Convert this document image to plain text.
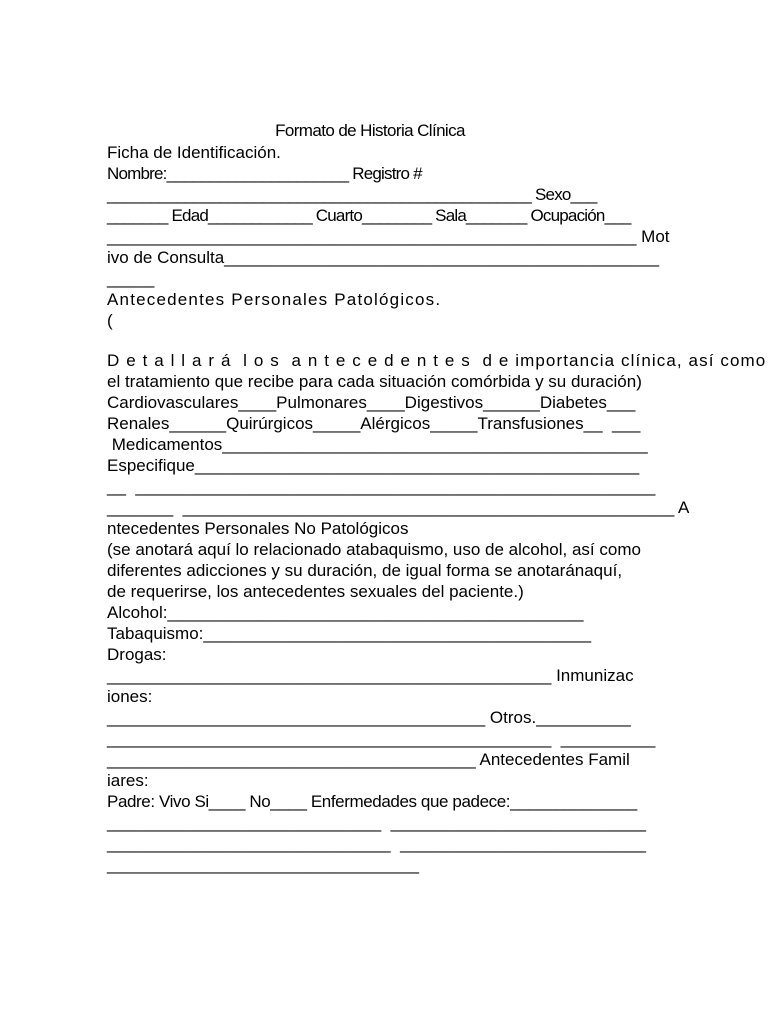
Formato de Historia Clínica
Ficha de Identificación.
Nombre:_____________________ Registro #
_________________________________________________ Sexo___
_______ Edad____________ Cuarto________ Sala_______ Ocupación___
________________________________________________________ Mot
ivo de Consulta______________________________________________
_____
Antecedentes Personales Patológicos.
(
D e t a l l a r á  l o s  a n t e c e d e n t e s  d e importancia clínica, así como
el tratamiento que recibe para cada situación comórbida y su duración)
Cardiovasculares____Pulmonares____Digestivos______Diabetes___
Renales______Quirúrgicos_____Alérgicos_____Transfusiones__  ___
Medicamentos_____________________________________________
Especifique_______________________________________________
__  _______________________________________________________
_______  ____________________________________________________ A
ntecedentes Personales No Patológicos
(se anotará aquí lo relacionado atabaquismo, uso de alcohol, así como
diferentes adicciones y su duración, de igual forma se anotaránaquí,
de requerirse, los antecedentes sexuales del paciente.)
Alcohol:____________________________________________
Tabaquismo:_________________________________________
Drogas:
_______________________________________________ Inmunizac
iones:
________________________________________ Otros.__________
_______________________________________________  __________
_______________________________________ Antecedentes Famil
iares:
Padre: Vivo Si____ No____ Enfermedades que padece:______________
_____________________________  ___________________________
______________________________  __________________________
_________________________________
